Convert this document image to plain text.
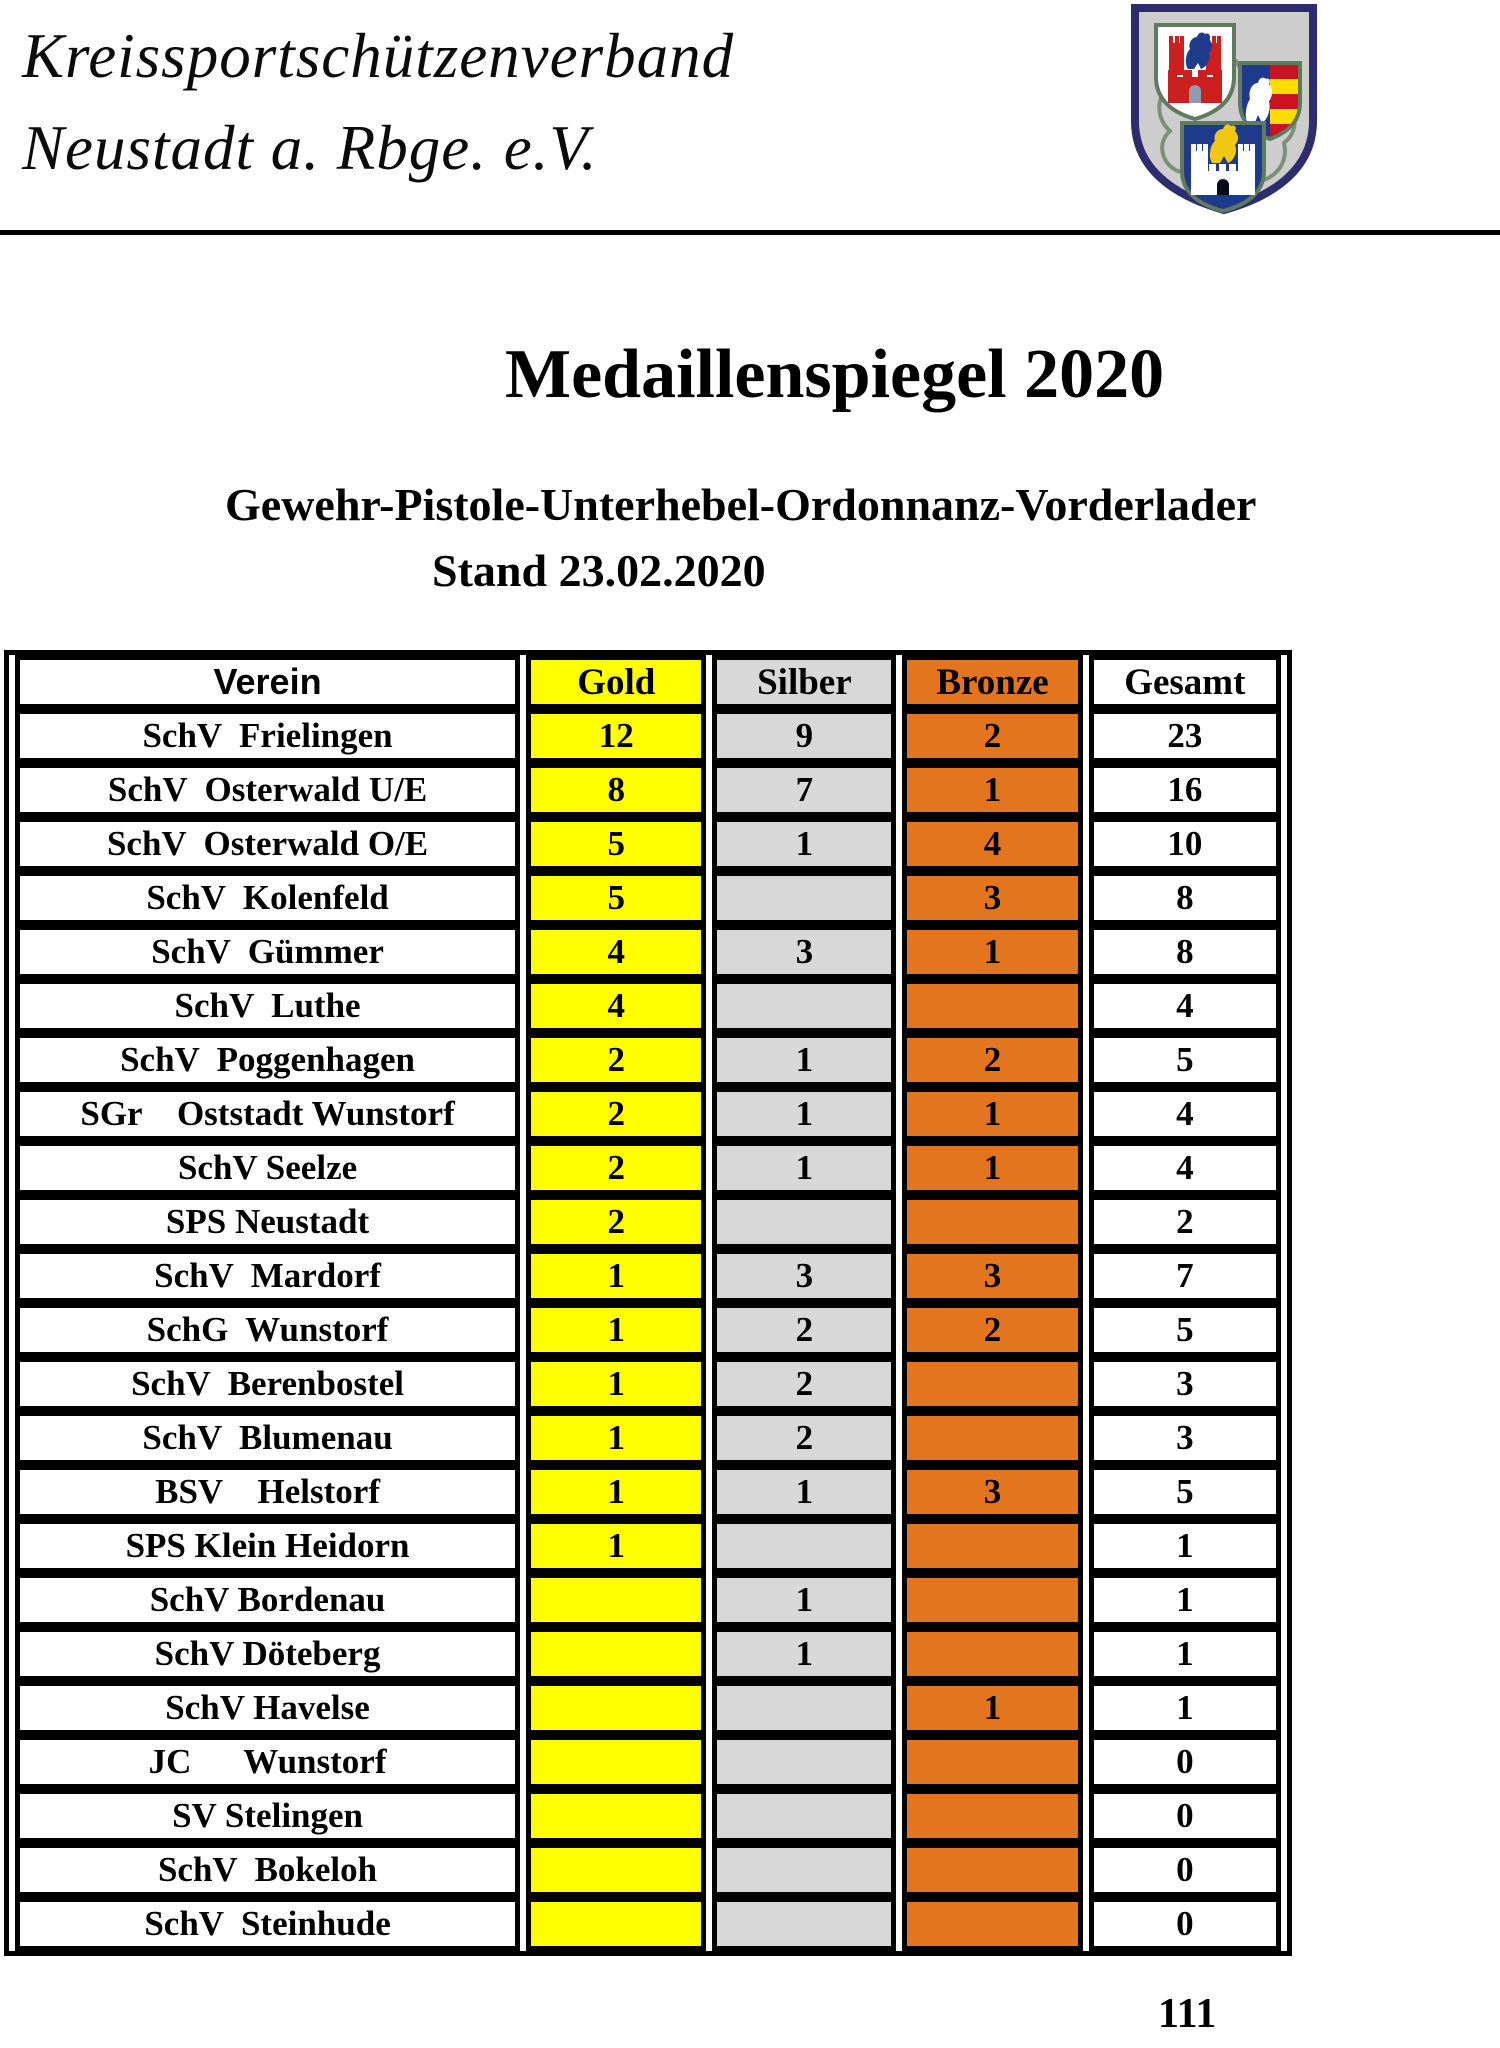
Kreissportschützenverband
Neustadt a. Rbge. e.V.
Medaillenspiegel 2020
Gewehr-Pistole-Unterhebel-Ordonnanz-Vorderlader
Stand 23.02.2020
Verein	Gold	Silber	Bronze	Gesamt
SchV  Frielingen	12	9	2	23
SchV  Osterwald U/E	8	7	1	16
SchV  Osterwald O/E	5	1	4	10
SchV  Kolenfeld	5		3	8
SchV  Gümmer	4	3	1	8
SchV  Luthe	4			4
SchV  Poggenhagen	2	1	2	5
SGr    Oststadt Wunstorf	2	1	1	4
SchV Seelze	2	1	1	4
SPS Neustadt	2			2
SchV  Mardorf	1	3	3	7
SchG  Wunstorf	1	2	2	5
SchV  Berenbostel	1	2		3
SchV  Blumenau	1	2		3
BSV    Helstorf	1	1	3	5
SPS Klein Heidorn	1			1
SchV Bordenau		1		1
SchV Döteberg		1		1
SchV Havelse			1	1
JC      Wunstorf				0
SV Stelingen				0
SchV  Bokeloh				0
SchV  Steinhude				0
111
